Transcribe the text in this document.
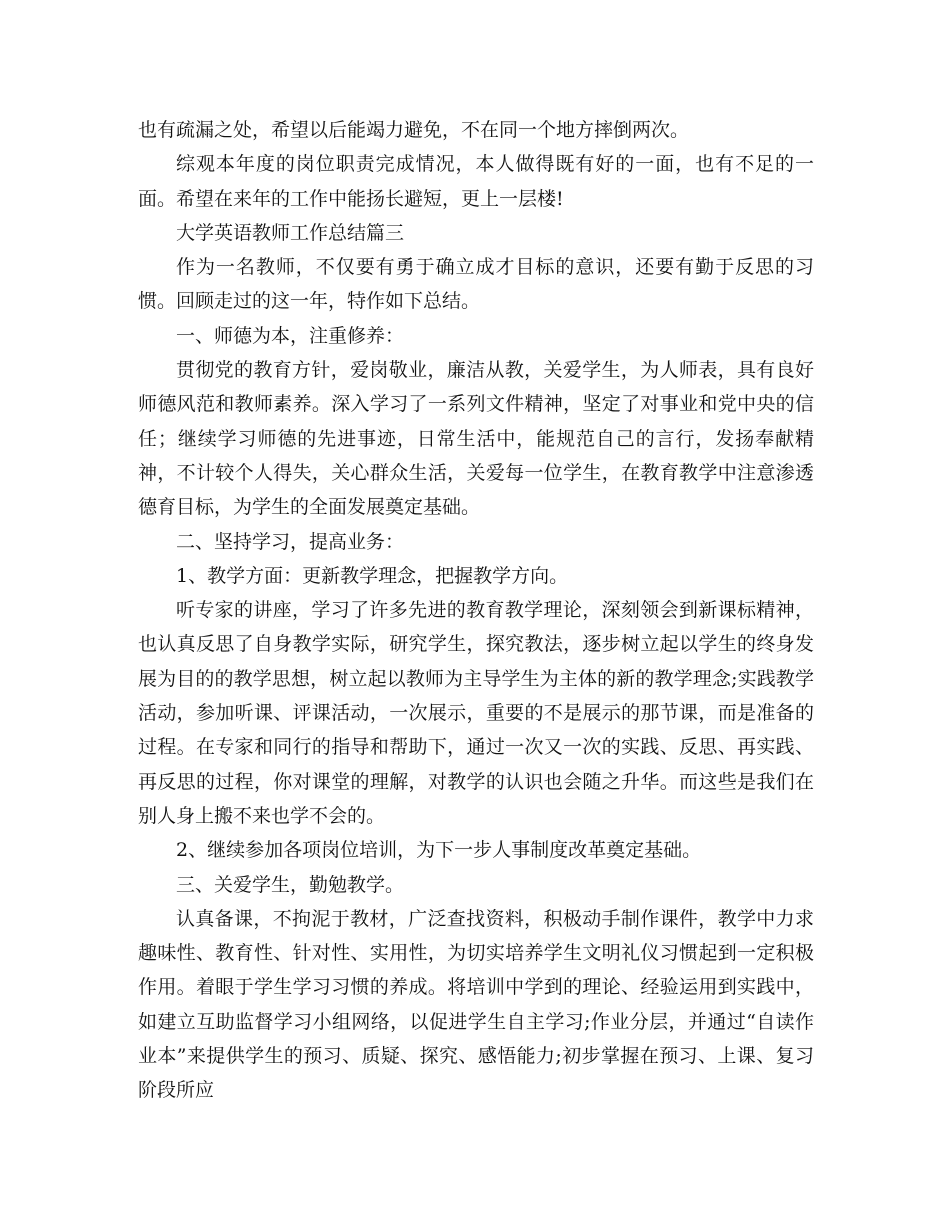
也有疏漏之处，希望以后能竭力避免，不在同一个地方摔倒两次。

综观本年度的岗位职责完成情况，本人做得既有好的一面，也有不足的一面。希望在来年的工作中能扬长避短，更上一层楼!

大学英语教师工作总结篇三

作为一名教师，不仅要有勇于确立成才目标的意识，还要有勤于反思的习惯。回顾走过的这一年，特作如下总结。

一、师德为本，注重修养：

贯彻党的教育方针，爱岗敬业，廉洁从教，关爱学生，为人师表，具有良好师德风范和教师素养。深入学习了一系列文件精神，坚定了对事业和党中央的信任；继续学习师德的先进事迹，日常生活中，能规范自己的言行，发扬奉献精神，不计较个人得失，关心群众生活，关爱每一位学生，在教育教学中注意渗透德育目标，为学生的全面发展奠定基础。

二、坚持学习，提高业务：

1、教学方面：更新教学理念，把握教学方向。

听专家的讲座，学习了许多先进的教育教学理论，深刻领会到新课标精神，也认真反思了自身教学实际，研究学生，探究教法，逐步树立起以学生的终身发展为目的的教学思想，树立起以教师为主导学生为主体的新的教学理念;实践教学活动，参加听课、评课活动，一次展示，重要的不是展示的那节课，而是准备的过程。在专家和同行的指导和帮助下，通过一次又一次的实践、反思、再实践、再反思的过程，你对课堂的理解，对教学的认识也会随之升华。而这些是我们在别人身上搬不来也学不会的。

2、继续参加各项岗位培训，为下一步人事制度改革奠定基础。

三、关爱学生，勤勉教学。

认真备课，不拘泥于教材，广泛查找资料，积极动手制作课件，教学中力求趣味性、教育性、针对性、实用性，为切实培养学生文明礼仪习惯起到一定积极作用。着眼于学生学习习惯的养成。将培训中学到的理论、经验运用到实践中，如建立互助监督学习小组网络，以促进学生自主学习;作业分层，并通过“自读作业本”来提供学生的预习、质疑、探究、感悟能力;初步掌握在预习、上课、复习阶段所应
